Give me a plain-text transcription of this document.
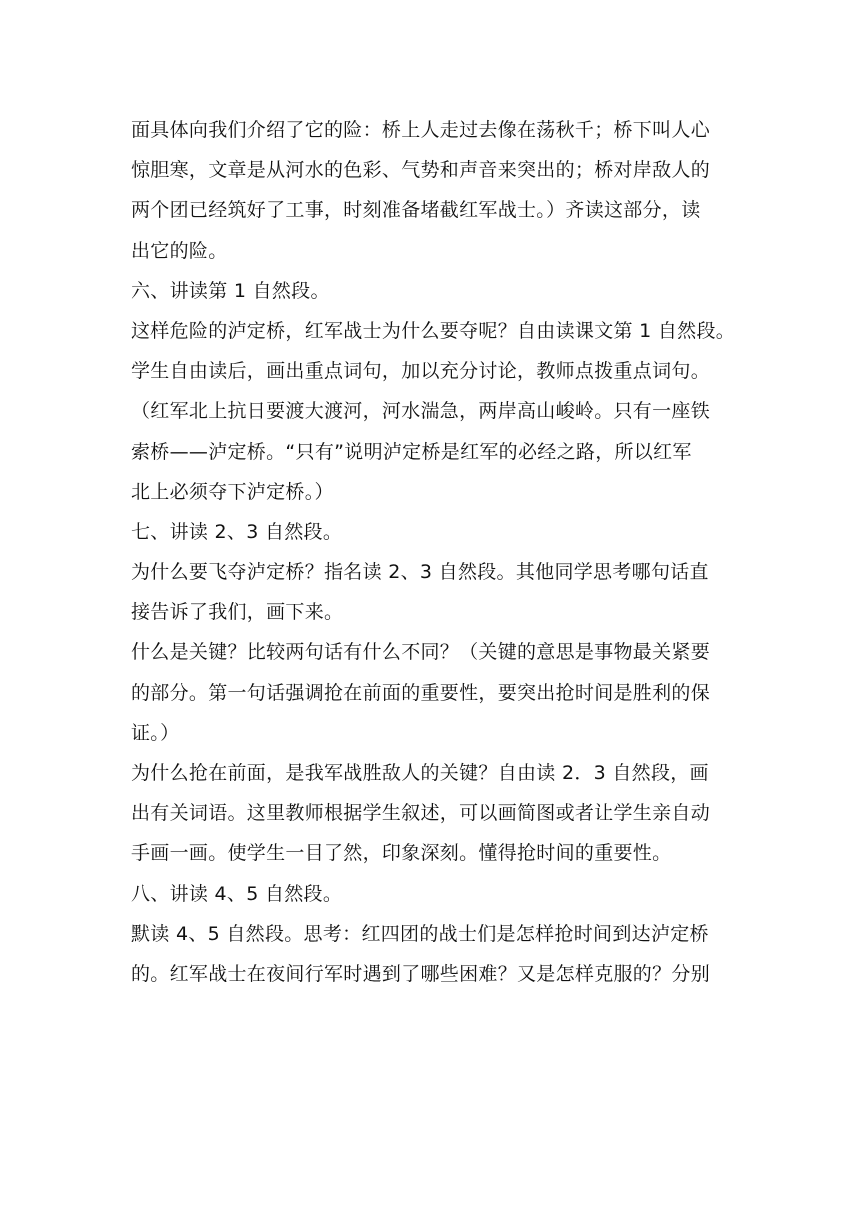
面具体向我们介绍了它的险：桥上人走过去像在荡秋千；桥下叫人心
惊胆寒，文章是从河水的色彩、气势和声音来突出的；桥对岸敌人的
两个团已经筑好了工事，时刻准备堵截红军战士。）齐读这部分，读
出它的险。
六、讲读第 1 自然段。
这样危险的泸定桥，红军战士为什么要夺呢？自由读课文第 1 自然段。
学生自由读后，画出重点词句，加以充分讨论，教师点拨重点词句。
（红军北上抗日要渡大渡河，河水湍急，两岸高山峻岭。只有一座铁
索桥——泸定桥。“只有”说明泸定桥是红军的必经之路，所以红军
北上必须夺下泸定桥。）
七、讲读 2、3 自然段。
为什么要飞夺泸定桥？指名读 2、3 自然段。其他同学思考哪句话直
接告诉了我们，画下来。
什么是关键？比较两句话有什么不同？（关键的意思是事物最关紧要
的部分。第一句话强调抢在前面的重要性，要突出抢时间是胜利的保
证。）
为什么抢在前面，是我军战胜敌人的关键？自由读 2．3 自然段，画
出有关词语。这里教师根据学生叙述，可以画简图或者让学生亲自动
手画一画。使学生一目了然，印象深刻。懂得抢时间的重要性。
八、讲读 4、5 自然段。
默读 4、5 自然段。思考：红四团的战士们是怎样抢时间到达泸定桥
的。红军战士在夜间行军时遇到了哪些困难？又是怎样克服的？分别
